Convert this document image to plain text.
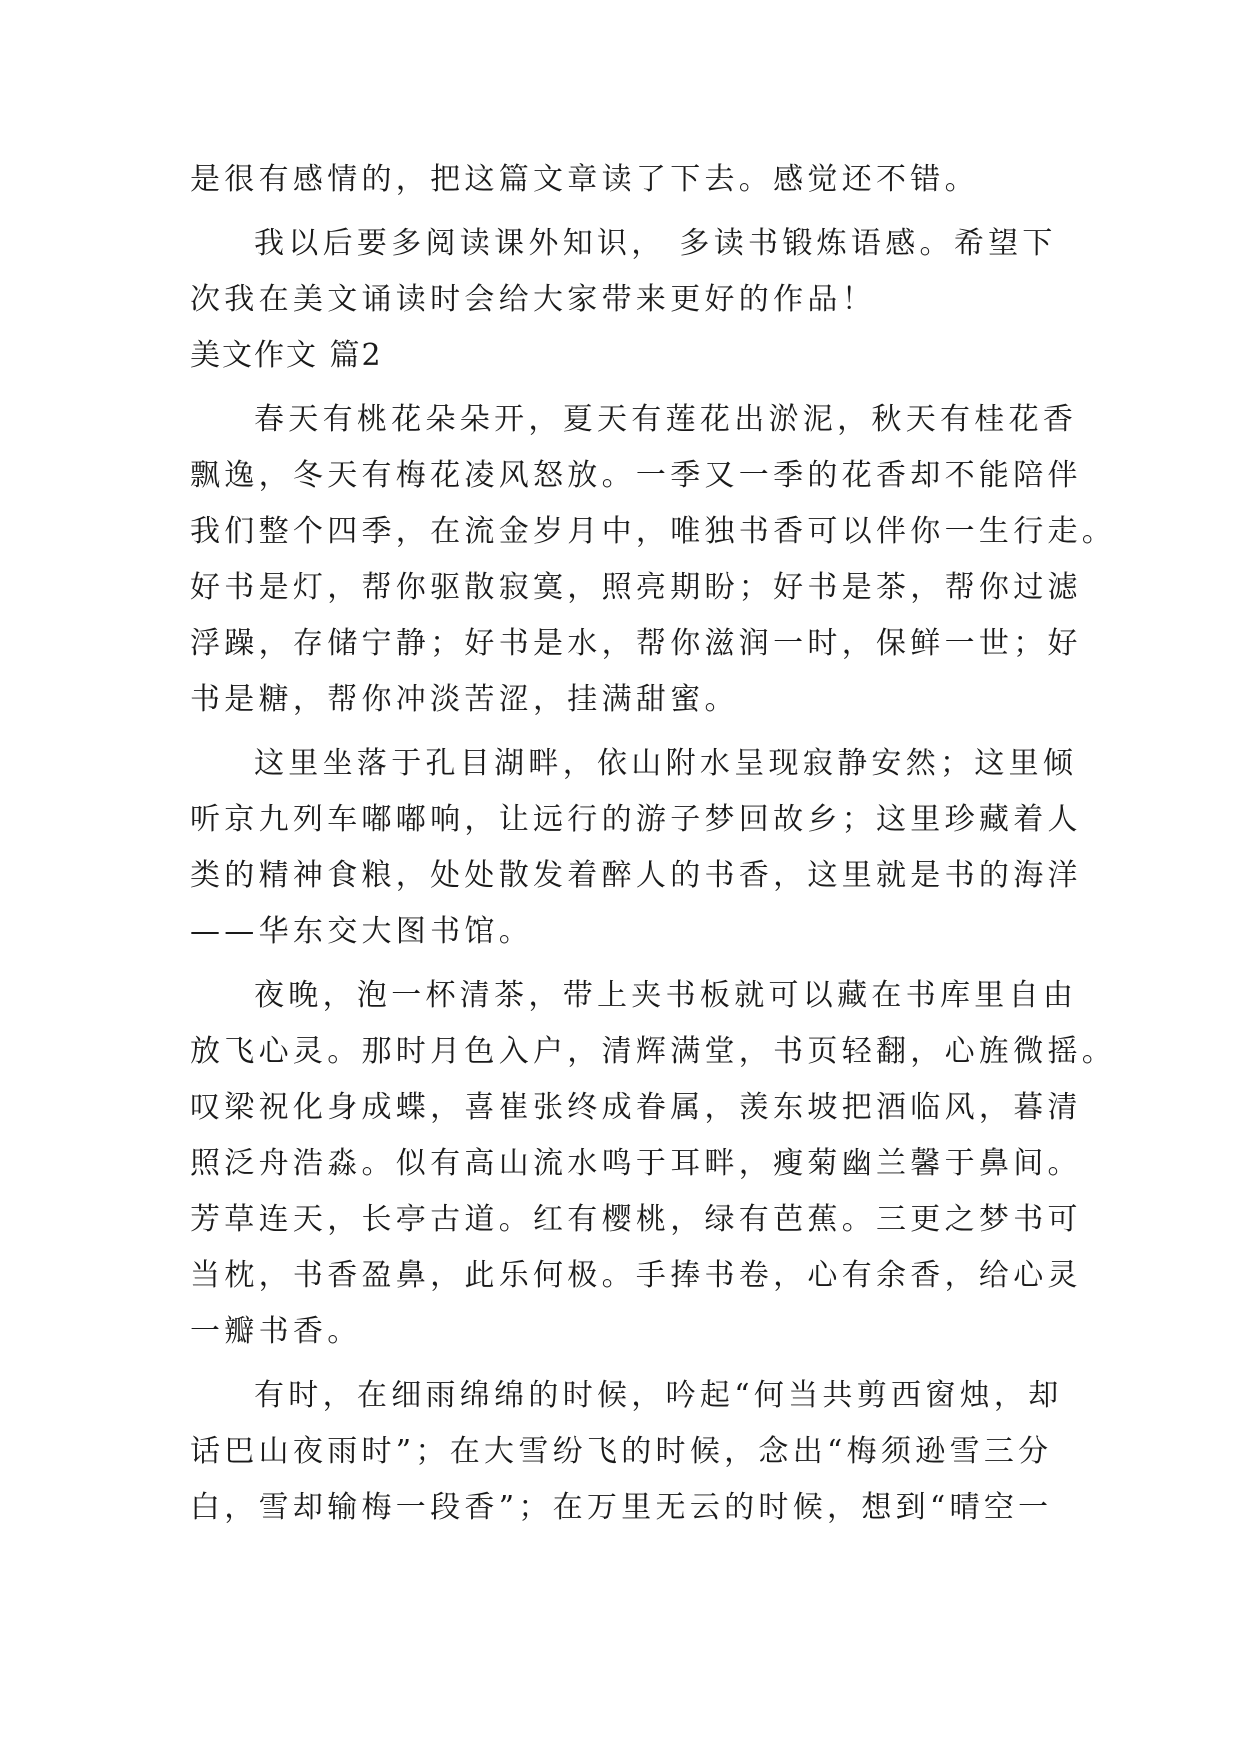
是很有感情的，把这篇文章读了下去。感觉还不错。
我以后要多阅读课外知识， 多读书锻炼语感。希望下
次我在美文诵读时会给大家带来更好的作品！
美文作文 篇2
春天有桃花朵朵开，夏天有莲花出淤泥，秋天有桂花香
飘逸，冬天有梅花凌风怒放。一季又一季的花香却不能陪伴
我们整个四季，在流金岁月中，唯独书香可以伴你一生行走。
好书是灯，帮你驱散寂寞，照亮期盼；好书是茶，帮你过滤
浮躁，存储宁静；好书是水，帮你滋润一时，保鲜一世；好
书是糖，帮你冲淡苦涩，挂满甜蜜。
这里坐落于孔目湖畔，依山附水呈现寂静安然；这里倾
听京九列车嘟嘟响，让远行的游子梦回故乡；这里珍藏着人
类的精神食粮，处处散发着醉人的书香，这里就是书的海洋
——华东交大图书馆。
夜晚，泡一杯清茶，带上夹书板就可以藏在书库里自由
放飞心灵。那时月色入户，清辉满堂，书页轻翻，心旌微摇。
叹梁祝化身成蝶，喜崔张终成眷属，羡东坡把酒临风，暮清
照泛舟浩淼。似有高山流水鸣于耳畔，瘦菊幽兰馨于鼻间。
芳草连天，长亭古道。红有樱桃，绿有芭蕉。三更之梦书可
当枕，书香盈鼻，此乐何极。手捧书卷，心有余香，给心灵
一瓣书香。
有时，在细雨绵绵的时候，吟起“何当共剪西窗烛，却
话巴山夜雨时”；在大雪纷飞的时候，念出“梅须逊雪三分
白，雪却输梅一段香”；在万里无云的时候，想到“晴空一
